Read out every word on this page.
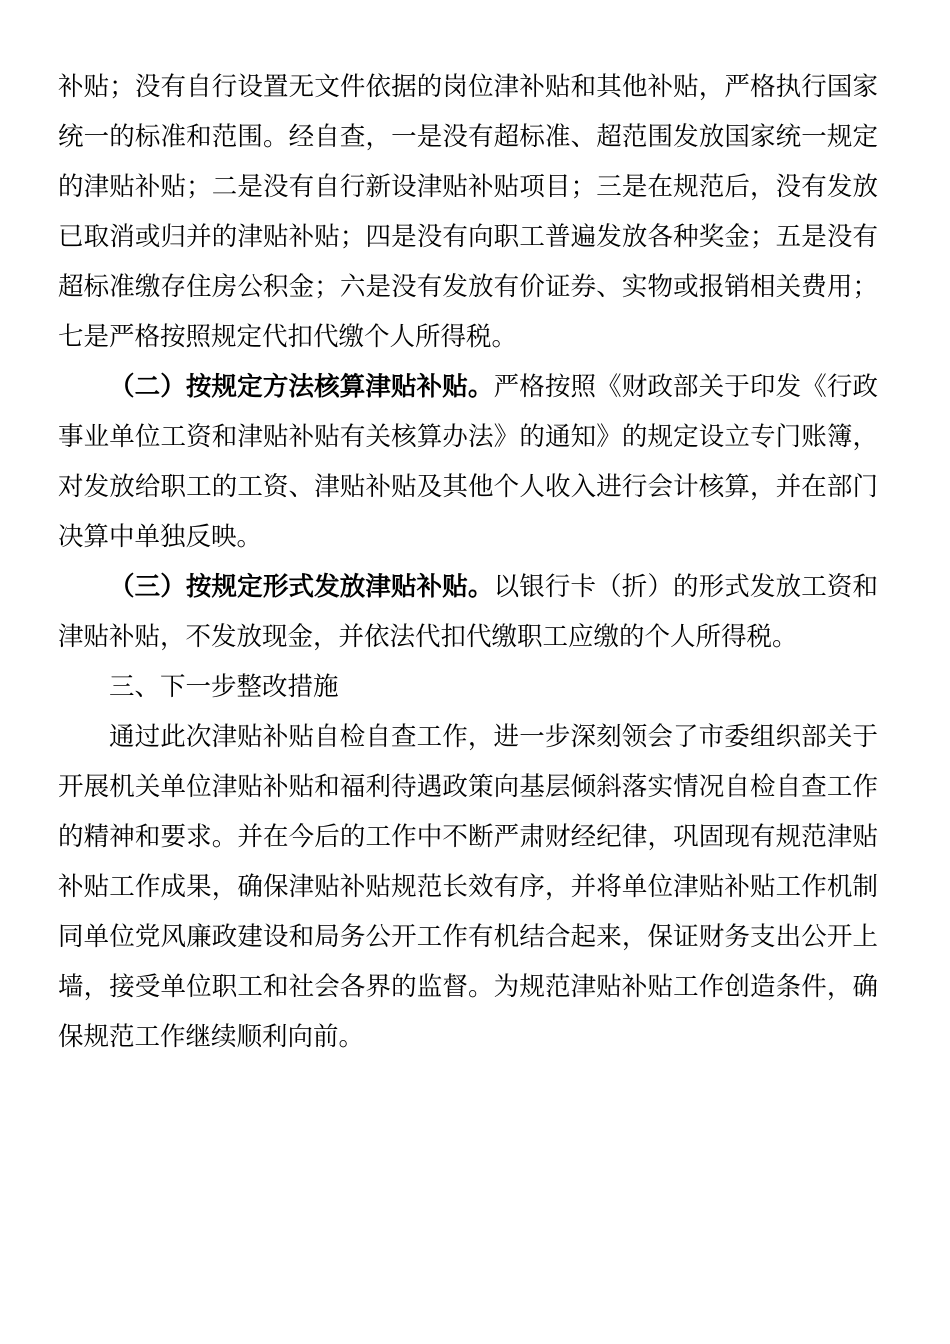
补贴；没有自行设置无文件依据的岗位津补贴和其他补贴，严格执行国家统一的标准和范围。经自查，一是没有超标准、超范围发放国家统一规定的津贴补贴；二是没有自行新设津贴补贴项目；三是在规范后，没有发放已取消或归并的津贴补贴；四是没有向职工普遍发放各种奖金；五是没有超标准缴存住房公积金；六是没有发放有价证券、实物或报销相关费用；七是严格按照规定代扣代缴个人所得税。

（二）按规定方法核算津贴补贴。严格按照《财政部关于印发《行政事业单位工资和津贴补贴有关核算办法》的通知》的规定设立专门账簿，对发放给职工的工资、津贴补贴及其他个人收入进行会计核算，并在部门决算中单独反映。

（三）按规定形式发放津贴补贴。以银行卡（折）的形式发放工资和津贴补贴，不发放现金，并依法代扣代缴职工应缴的个人所得税。

三、下一步整改措施

通过此次津贴补贴自检自查工作，进一步深刻领会了市委组织部关于开展机关单位津贴补贴和福利待遇政策向基层倾斜落实情况自检自查工作的精神和要求。并在今后的工作中不断严肃财经纪律，巩固现有规范津贴补贴工作成果，确保津贴补贴规范长效有序，并将单位津贴补贴工作机制同单位党风廉政建设和局务公开工作有机结合起来，保证财务支出公开上墙，接受单位职工和社会各界的监督。为规范津贴补贴工作创造条件，确保规范工作继续顺利向前。
